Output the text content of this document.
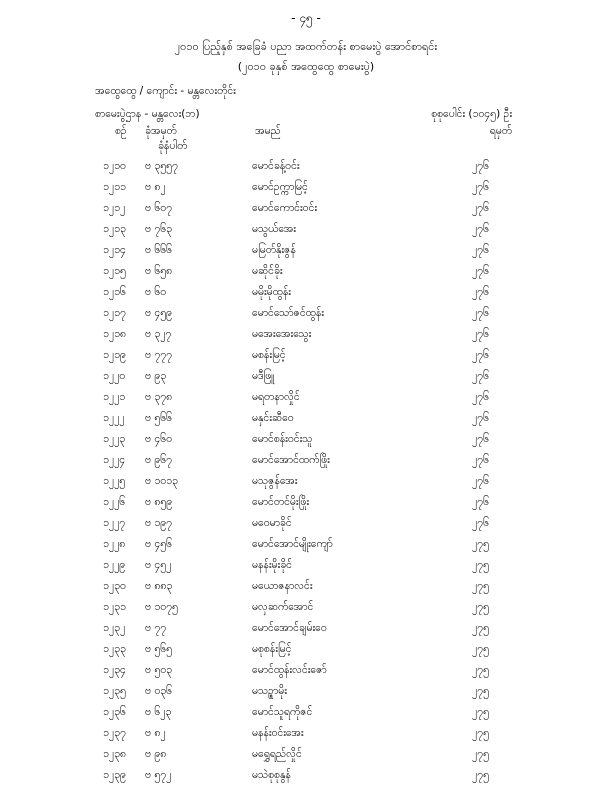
- ၄၅ -
၂၀၁၀ ပြည့်နှစ် အခြေခံ ပညာ အထက်တန်း စာမေးပွဲ အောင်စာရင်း
(၂၀၁၀ ခုနှစ် အထွေထွေ စာမေးပွဲ)
အထွေထွေ / ကျောင်း - မန္တလေးတိုင်း
စာမေးပွဲဌာန - မန္တလေး(ဘ)	စုစုပေါင်း (၁၀၄၅) ဦး
စဉ် ခုံအမှတ်
ခုံနံပါတ်
အမည်	ရမှတ်
၁၂၁၀ ဗ ၃၅၅၇	မောင်ခန့်ဝင်း	၂၇၆
၁၂၁၁ ဗ ၈၂	မောင်ဥက္ကာမြင့်	၂၇၆
၁၂၁၂ ဗ ၆၀၇	မောင်ကောင်းဝင်း	၂၇၆
၁၂၁၃ ဗ ၇၆၃	မသွယ်အေး	၂၇၆
၁၂၁၄ ဗ ၆၆၆	မမြတ်နိုးဇွန်	၂၇၆
၁၂၁၅ ဗ ၆၅၈	မဆိုင်ခိုး	၂၇၆
၁၂၁၆ ဗ ၆၀	မမိုးမိုထွန်း	၂၇၆
၁၂၁၇ ဗ ၄၅၉	မောင်သော်ဇင်ထွန်း	၂၇၆
၁၂၁၈ ဗ ၃၂၇	မအေးအေးသွေး	၂၇၆
၁၂၁၉ ဗ ၇၇၇	မစန်းမြင့်	၂၇၆
၁၂၂၀ ဗ ၉၃	မဒီဖြူ	၂၇၆
၁၂၂၁ ဗ ၃၇၈	မရတနာလှိုင်	၂၇၆
၁၂၂၂ ဗ ၅၆၆	မနှင်းဆီဝေ	၂၇၆
၁၂၂၃ ဗ ၄၆၀	မောင်စန်းဝင်းသူ	၂၇၆
၁၂၂၄ ဗ ၉၆၇	မောင်အောင်ထက်ဖြိုး	၂၇၆
၁၂၂၅ ဗ ၁၀၁၃	မသုဇွန်အေး	၂၇၆
၁၂၂၆ ဗ ၈၅၉	မောင်တင်မိုးဖြိုး	၂၇၆
၁၂၂၇ ဗ ၁၉၇	မဝေမာခိုင်	၂၇၆
၁၂၂၈ ဗ ၄၅၆	မောင်အောင်မျိုးကျော်	၂၇၅
၁၂၂၉ ဗ ၄၅၂	မနန်းမိုးခိုင်	၂၇၅
၁၂၃၀ ဗ ၈၈၃	မယောဇနာလင်း	၂၇၅
၁၂၃၁ ဗ ၁၀၇၅	မလှဆက်အောင်	၂၇၅
၁၂၃၂ ဗ ၇၇	မောင်အောင်ချမ်းဝေ	၂၇၅
၁၂၃၃ ဗ ၅၆၅	မစုစန်းမြင့်	၂၇၅
၁၂၃၄ ဗ ၅၀၃	မောင်ထွန်းလင်းဇော်	၂၇၅
၁၂၃၅ ဗ ၀၃၆	မသဥ္စာမိုး	၂၇၅
၁၂၃၆ ဗ ၆၂၃	မောင်သူရကိုဇင်	၂၇၅
၁၂၃၇ ဗ ၈၂	မနန်းဝင်းအေး	၂၇၅
၁၂၃၈ ဗ ၉၈	မရွှေရည်လှိုင်	၂၇၅
၁၂၃၉ ဗ ၅၇၂	မသဲစုစုနွန်	၂၇၅
